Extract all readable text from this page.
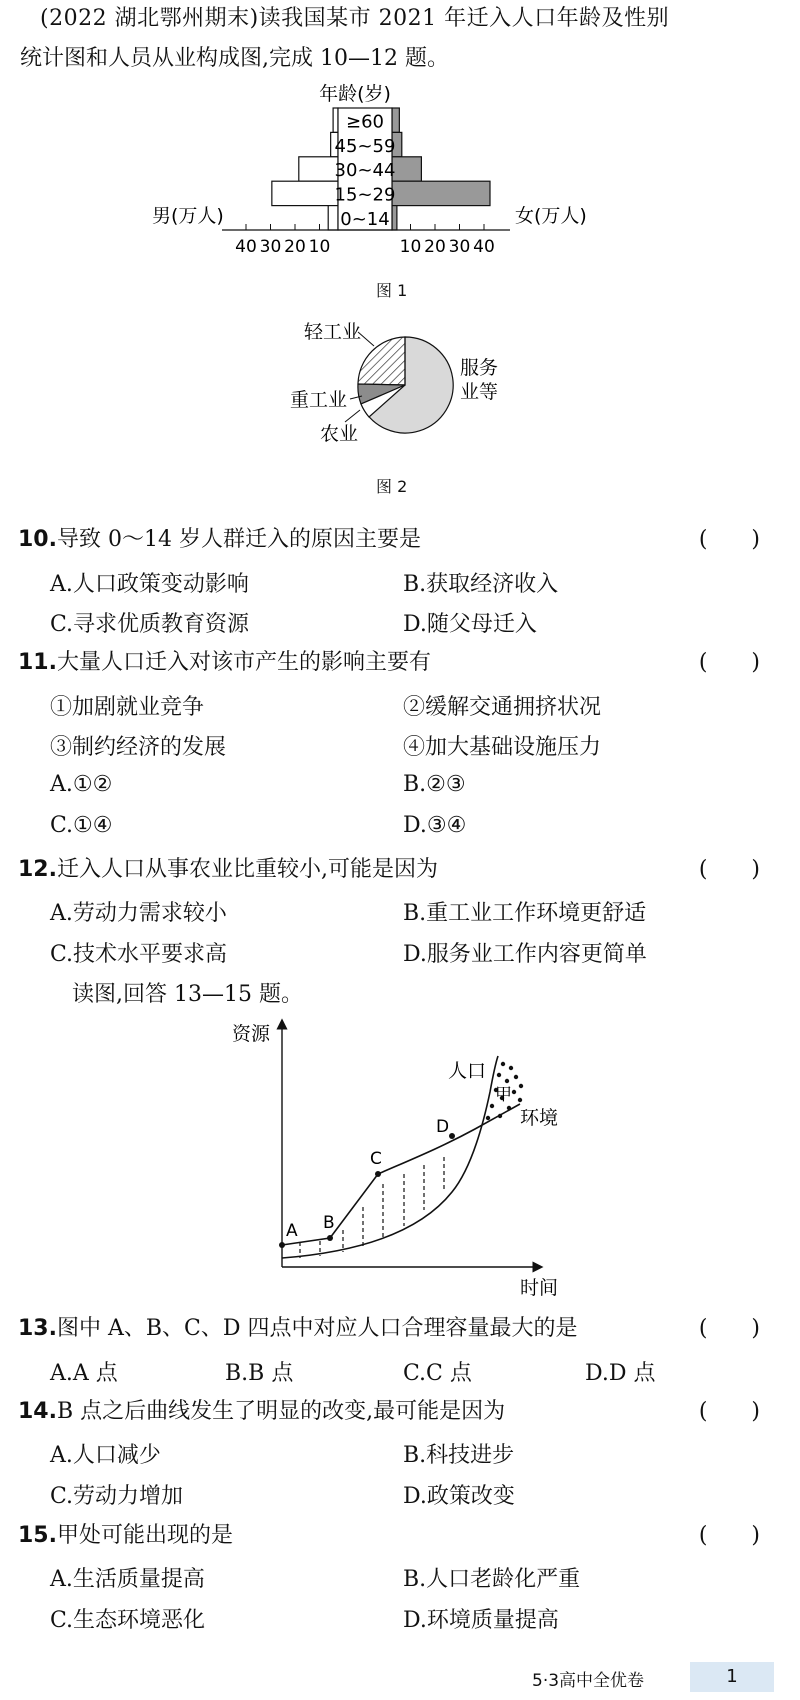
(2022 湖北鄂州期末)读我国某市 2021 年迁入人口年龄及性别
统计图和人员从业构成图,完成 10—12 题。
年龄(岁)
≥60
45~59
30~44
15~29
0~14
男(万人)	女(万人)
40 30 20 10	10 20 30 40
图 1
轻工业
重工业
农业
服务
业等
图 2
10.导致 0～14 岁人群迁入的原因主要是	(　　)
A.人口政策变动影响	B.获取经济收入
C.寻求优质教育资源	D.随父母迁入
11.大量人口迁入对该市产生的影响主要有	(　　)
①加剧就业竞争	②缓解交通拥挤状况
③制约经济的发展	④加大基础设施压力
A.①②	B.②③
C.①④	D.③④
12.迁入人口从事农业比重较小,可能是因为	(　　)
A.劳动力需求较小	B.重工业工作环境更舒适
C.技术水平要求高	D.服务业工作内容更简单
读图,回答 13—15 题。
资源
时间
甲
人口
环境
A B
C
D
13.图中 A、B、C、D 四点中对应人口合理容量最大的是	(　　)
A.A 点	B.B 点	C.C 点	D.D 点
14.B 点之后曲线发生了明显的改变,最可能是因为	(　　)
A.人口减少	B.科技进步
C.劳动力增加	D.政策改变
15.甲处可能出现的是	(　　)
A.生活质量提高	B.人口老龄化严重
C.生态环境恶化	D.环境质量提高
5·3高中全优卷	1
